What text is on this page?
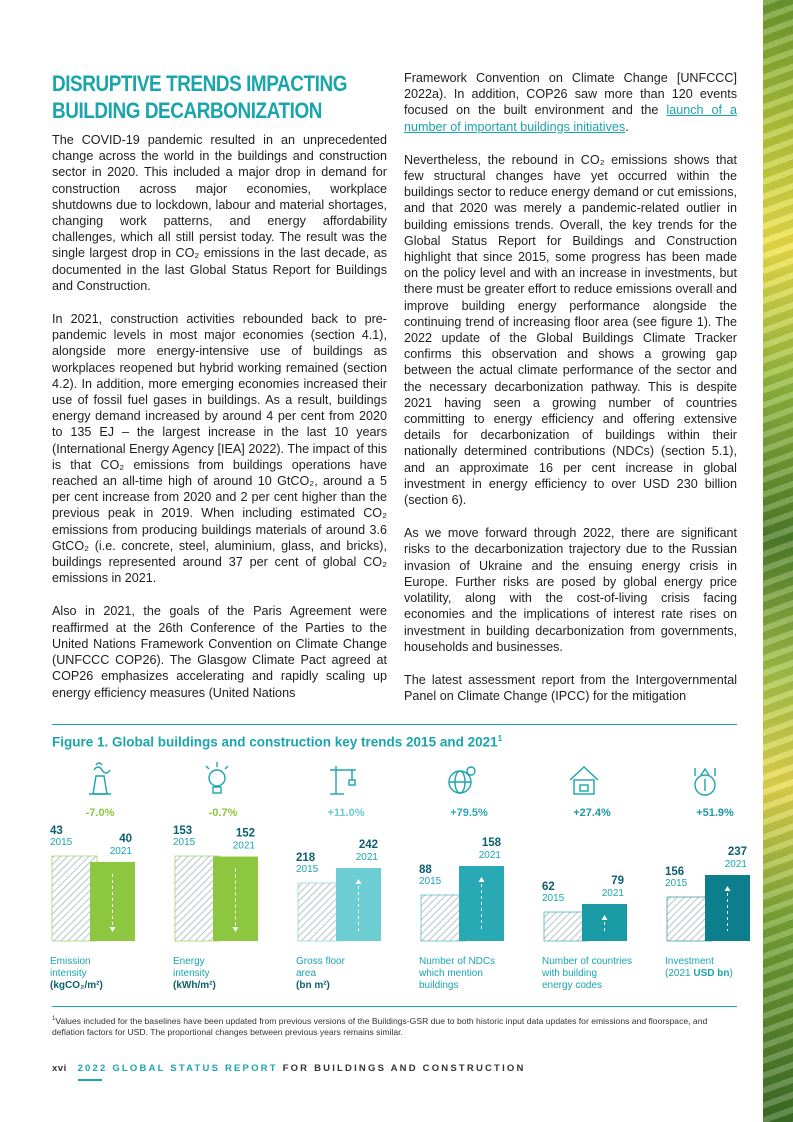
DISRUPTIVE TRENDS IMPACTING
BUILDING DECARBONIZATION

The COVID-19 pandemic resulted in an unprecedented change across the world in the buildings and construction sector in 2020. This included a major drop in demand for construction across major economies, workplace shutdowns due to lockdown, labour and material shortages, changing work patterns, and energy affordability challenges, which all still persist today. The result was the single largest drop in CO₂ emissions in the last decade, as documented in the last Global Status Report for Buildings and Construction.

In 2021, construction activities rebounded back to pre-pandemic levels in most major economies (section 4.1), alongside more energy-intensive use of buildings as workplaces reopened but hybrid working remained (section 4.2). In addition, more emerging economies increased their use of fossil fuel gases in buildings. As a result, buildings energy demand increased by around 4 per cent from 2020 to 135 EJ – the largest increase in the last 10 years (International Energy Agency [IEA] 2022). The impact of this is that CO₂ emissions from buildings operations have reached an all-time high of around 10 GtCO₂, around a 5 per cent increase from 2020 and 2 per cent higher than the previous peak in 2019. When including estimated CO₂ emissions from producing buildings materials of around 3.6 GtCO₂ (i.e. concrete, steel, aluminium, glass, and bricks), buildings represented around 37 per cent of global CO₂ emissions in 2021.

Also in 2021, the goals of the Paris Agreement were reaffirmed at the 26th Conference of the Parties to the United Nations Framework Convention on Climate Change (UNFCCC COP26). The Glasgow Climate Pact agreed at COP26 emphasizes accelerating and rapidly scaling up energy efficiency measures (United Nations

Framework Convention on Climate Change [UNFCCC] 2022a). In addition, COP26 saw more than 120 events focused on the built environment and the launch of a number of important buildings initiatives.

Nevertheless, the rebound in CO₂ emissions shows that few structural changes have yet occurred within the buildings sector to reduce energy demand or cut emissions, and that 2020 was merely a pandemic-related outlier in building emissions trends. Overall, the key trends for the Global Status Report for Buildings and Construction highlight that since 2015, some progress has been made on the policy level and with an increase in investments, but there must be greater effort to reduce emissions overall and improve building energy performance alongside the continuing trend of increasing floor area (see figure 1). The 2022 update of the Global Buildings Climate Tracker confirms this observation and shows a growing gap between the actual climate performance of the sector and the necessary decarbonization pathway. This is despite 2021 having seen a growing number of countries committing to energy efficiency and offering extensive details for decarbonization of buildings within their nationally determined contributions (NDCs) (section 5.1), and an approximate 16 per cent increase in global investment in energy efficiency to over USD 230 billion (section 6).

As we move forward through 2022, there are significant risks to the decarbonization trajectory due to the Russian invasion of Ukraine and the ensuing energy crisis in Europe. Further risks are posed by global energy price volatility, along with the cost-of-living crisis facing economies and the implications of interest rate rises on investment in building decarbonization from governments, households and businesses.

The latest assessment report from the Intergovernmental Panel on Climate Change (IPCC) for the mitigation

Figure 1. Global buildings and construction key trends 2015 and 2021$^1$
-7.0%
43
2015	40
2021
Emission
intensity
(kgCO₂/m²)
-0.7%
153
2015
152
2021
Energy
intensity
(kWh/m²)
+11.0%
218
2015
242
2021
Gross floor
area
(bn m²)
+79.5%
88
2015
158
2021
Number of NDCs
which mention
buildings
+27.4%
62
2015
79
2021
Number of countries
with building
energy codes
+51.9%
156
2015
237
2021
Investment
(2021 USD bn)
$^1$Values included for the baselines have been updated from previous versions of the Buildings-GSR due to both historic input data updates for emissions and floorspace, and deflation factors for USD. The proportional changes between previous years remains similar.
xvi 2022 GLOBAL STATUS REPORT FOR BUILDINGS AND CONSTRUCTION
